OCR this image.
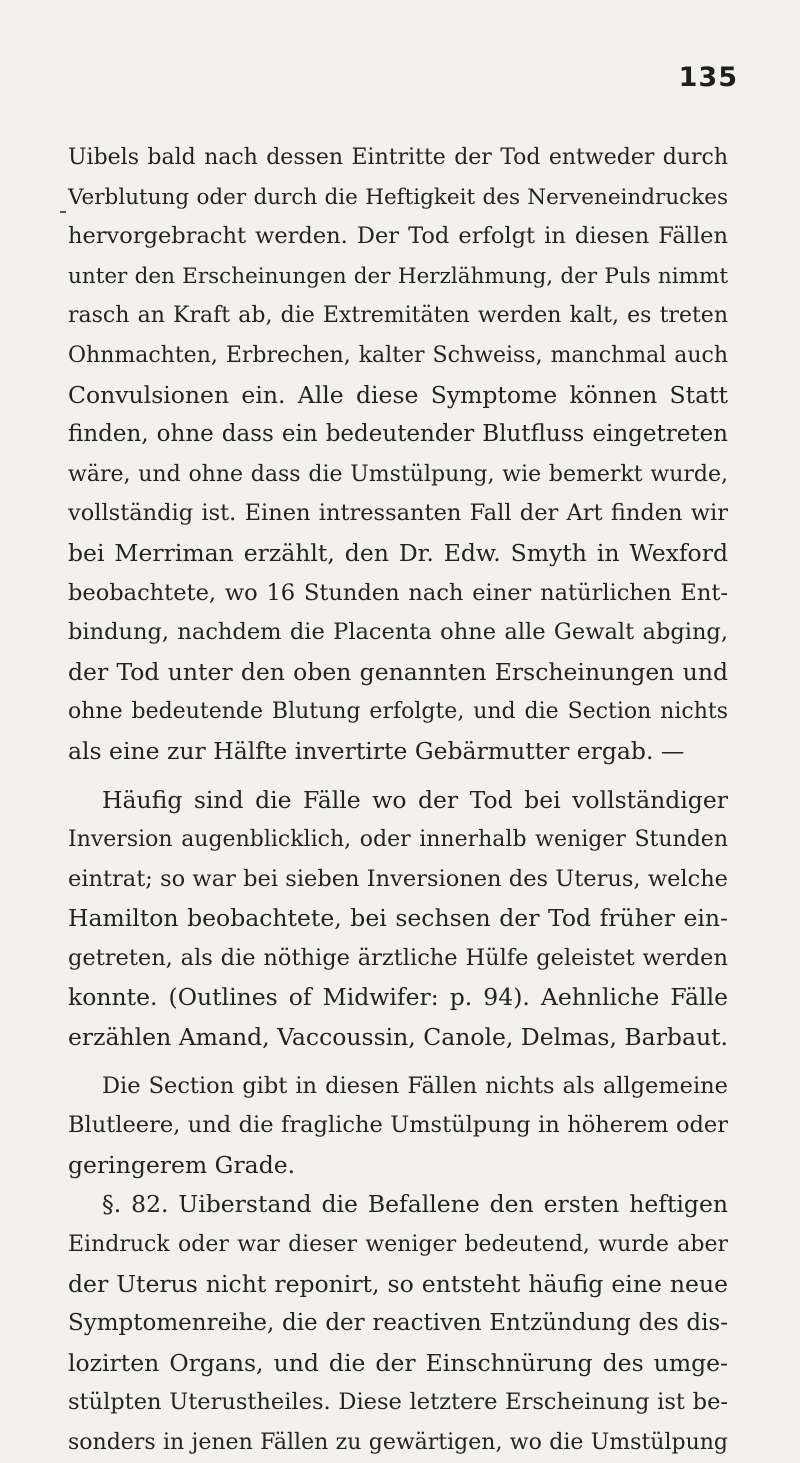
135
Uibels bald nach dessen Eintritte der Tod entweder durch
Verblutung oder durch die Heftigkeit des Nerveneindruckes
hervorgebracht werden. Der Tod erfolgt in diesen Fällen
unter den Erscheinungen der Herzlähmung, der Puls nimmt
rasch an Kraft ab, die Extremitäten werden kalt, es treten
Ohnmachten, Erbrechen, kalter Schweiss, manchmal auch
Convulsionen ein. Alle diese Symptome können Statt
finden, ohne dass ein bedeutender Blutfluss eingetreten
wäre, und ohne dass die Umstülpung, wie bemerkt wurde,
vollständig ist. Einen intressanten Fall der Art finden wir
bei Merriman erzählt, den Dr. Edw. Smyth in Wexford
beobachtete, wo 16 Stunden nach einer natürlichen Ent-
bindung, nachdem die Placenta ohne alle Gewalt abging,
der Tod unter den oben genannten Erscheinungen und
ohne bedeutende Blutung erfolgte, und die Section nichts
als eine zur Hälfte invertirte Gebärmutter ergab. —
Häufig sind die Fälle wo der Tod bei vollständiger
Inversion augenblicklich, oder innerhalb weniger Stunden
eintrat; so war bei sieben Inversionen des Uterus, welche
Hamilton beobachtete, bei sechsen der Tod früher ein-
getreten, als die nöthige ärztliche Hülfe geleistet werden
konnte. (Outlines of Midwifer: p. 94). Aehnliche Fälle
erzählen Amand, Vaccoussin, Canole, Delmas, Barbaut.
Die Section gibt in diesen Fällen nichts als allgemeine
Blutleere, und die fragliche Umstülpung in höherem oder
geringerem Grade.
§. 82. Uiberstand die Befallene den ersten heftigen
Eindruck oder war dieser weniger bedeutend, wurde aber
der Uterus nicht reponirt, so entsteht häufig eine neue
Symptomenreihe, die der reactiven Entzündung des dis-
lozirten Organs, und die der Einschnürung des umge-
stülpten Uterustheiles. Diese letztere Erscheinung ist be-
sonders in jenen Fällen zu gewärtigen, wo die Umstülpung
